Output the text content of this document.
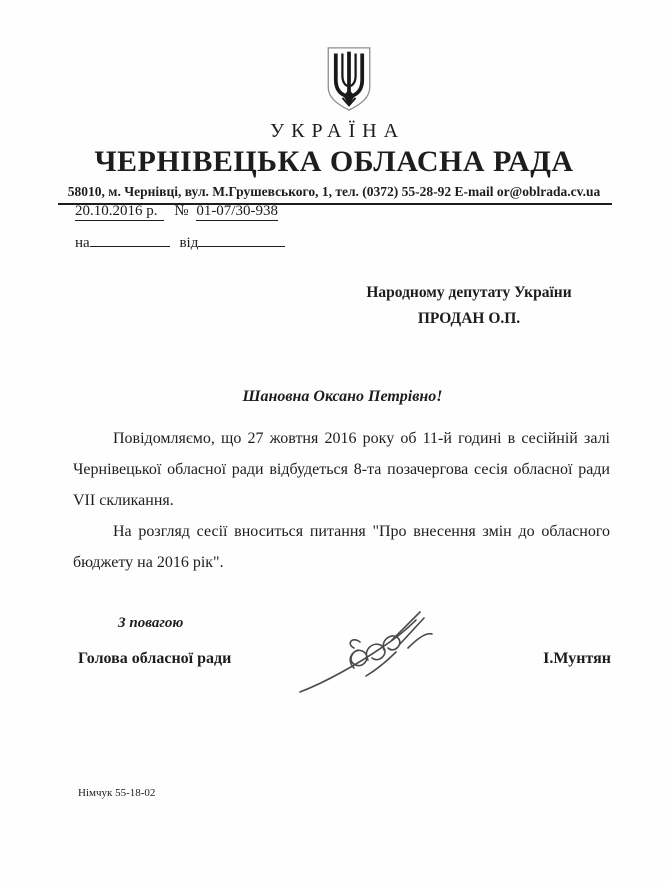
УКРАЇНА
ЧЕРНІВЕЦЬКА ОБЛАСНА РАДА
58010, м. Чернівці, вул. М.Грушевського, 1, тел. (0372) 55-28-92 E-mail or@oblrada.cv.ua
20.10.2016 р. № 01-07/30-938
на	від
Народному депутату України
ПРОДАН О.П.
Шановна Оксано Петрівно!

Повідомляємо, що 27 жовтня 2016 року об 11-й годині в сесійній залі Чернівецької обласної ради відбудеться 8-та позачергова сесія обласної ради VII скликання.

На розгляд сесії вноситься питання "Про внесення змін до обласного бюджету на 2016 рік".

З повагою
Голова обласної ради	І.Мунтян
Німчук 55-18-02
